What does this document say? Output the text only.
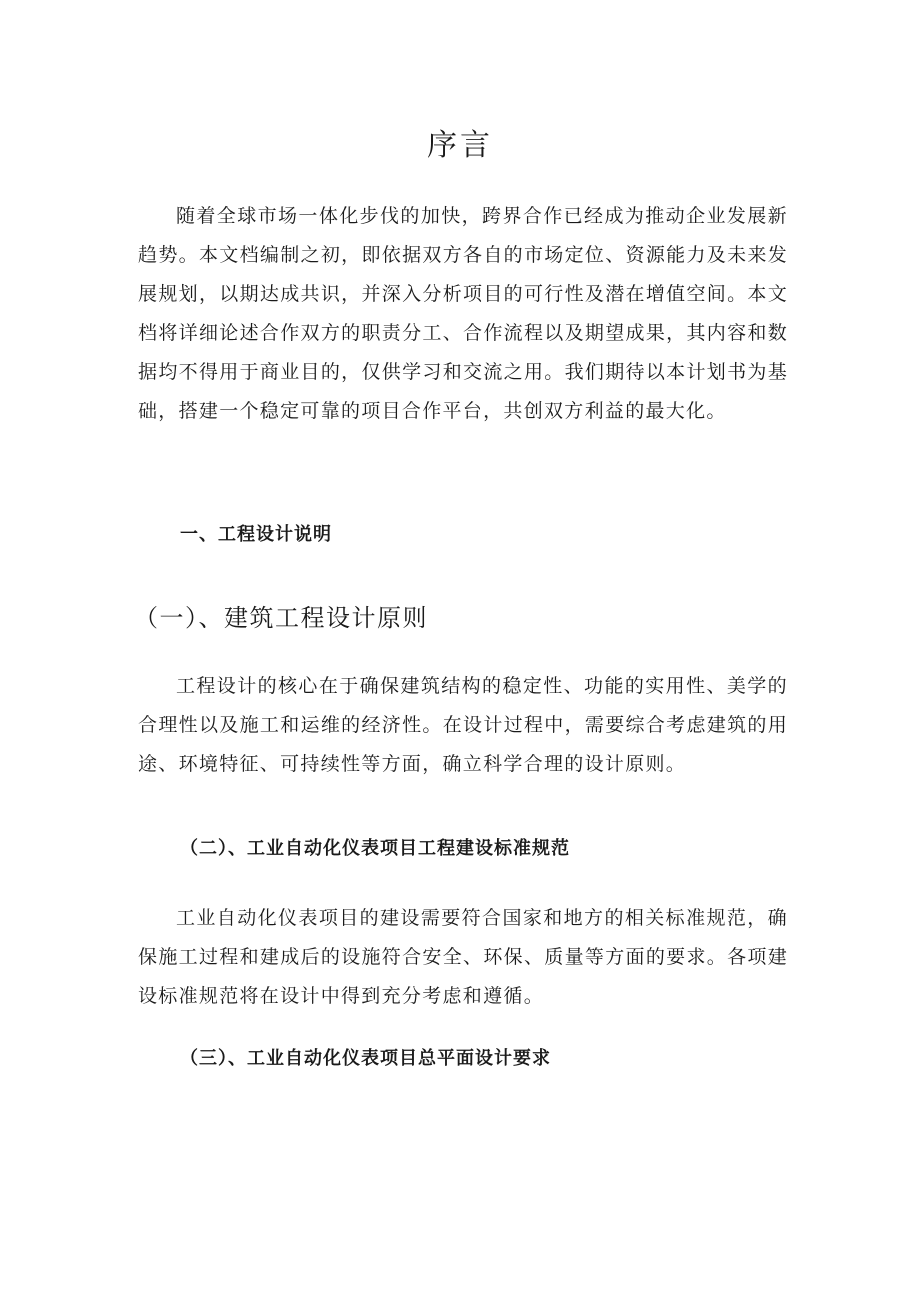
序言

随着全球市场一体化步伐的加快，跨界合作已经成为推动企业发展新趋势。本文档编制之初，即依据双方各自的市场定位、资源能力及未来发展规划，以期达成共识，并深入分析项目的可行性及潜在增值空间。本文档将详细论述合作双方的职责分工、合作流程以及期望成果，其内容和数据均不得用于商业目的，仅供学习和交流之用。我们期待以本计划书为基础，搭建一个稳定可靠的项目合作平台，共创双方利益的最大化。

一、工程设计说明
（一）、建筑工程设计原则

工程设计的核心在于确保建筑结构的稳定性、功能的实用性、美学的合理性以及施工和运维的经济性。在设计过程中，需要综合考虑建筑的用途、环境特征、可持续性等方面，确立科学合理的设计原则。

（二）、工业自动化仪表项目工程建设标准规范

工业自动化仪表项目的建设需要符合国家和地方的相关标准规范，确保施工过程和建成后的设施符合安全、环保、质量等方面的要求。各项建设标准规范将在设计中得到充分考虑和遵循。

（三）、工业自动化仪表项目总平面设计要求
